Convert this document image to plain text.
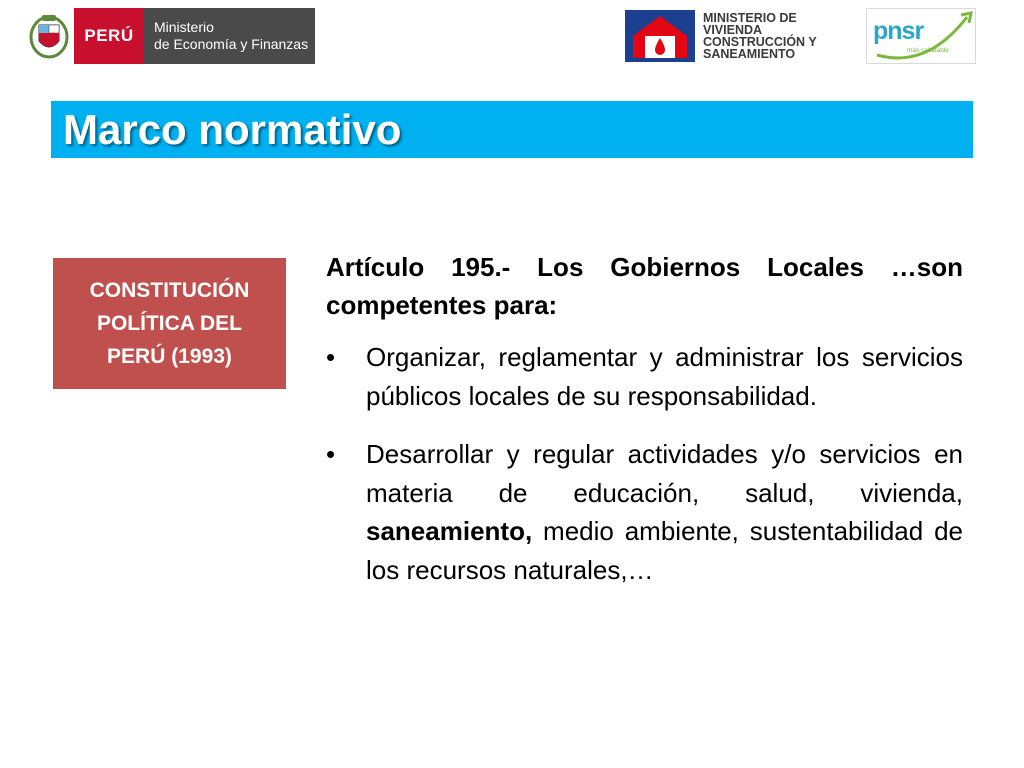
PERÚ	Ministerio
de Economía y Finanzas
MINISTERIO DE
VIVIENDA
CONSTRUCCIÓN Y
SANEAMIENTO
pnsr
más saludable
Marco normativo
CONSTITUCIÓN
POLÍTICA DEL
PERÚ (1993)

Artículo 195.- Los Gobiernos Locales …son competentes para:

• Organizar, reglamentar y administrar los servicios públicos locales de su responsabilidad.
• Desarrollar y regular actividades y/o servicios en materia de educación, salud, vivienda, saneamiento, medio ambiente, sustentabilidad de los recursos naturales,…
